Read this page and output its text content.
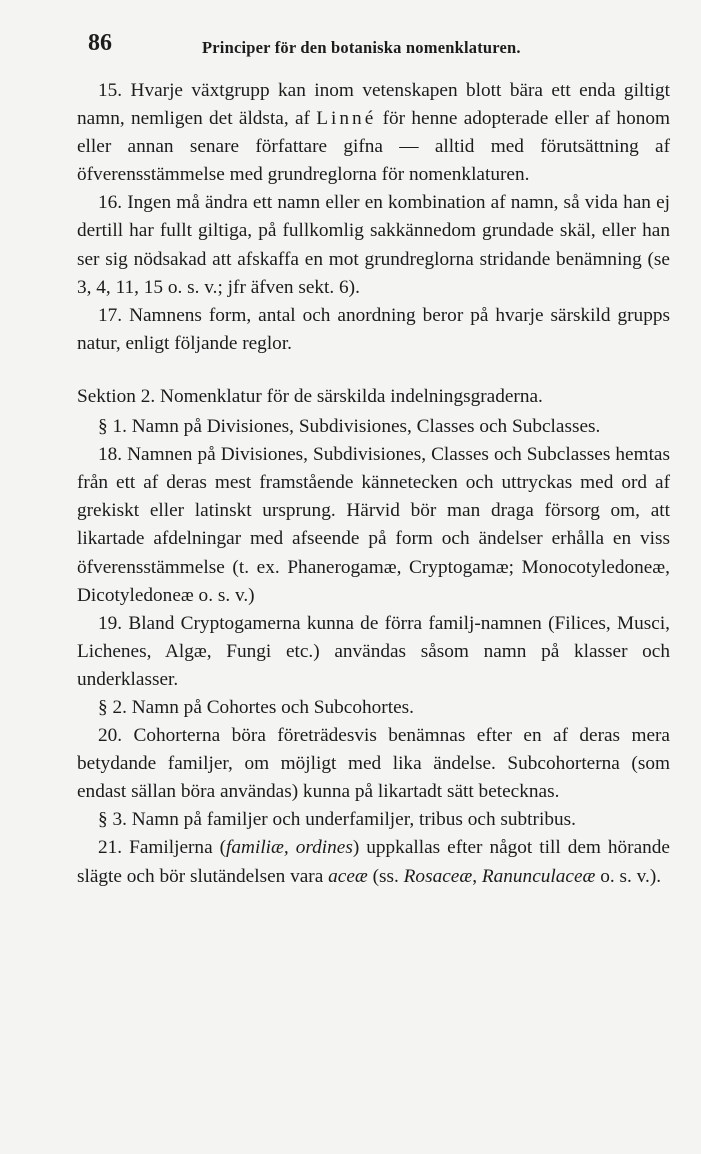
86	Principer för den botaniska nomenklaturen.

15. Hvarje växtgrupp kan inom vetenskapen blott bära ett enda giltigt namn, nemligen det äldsta, af Linné för henne adopterade eller af honom eller annan senare författare gifna — alltid med förutsättning af öfverensstämmelse med grundreglorna för nomenklaturen.

16. Ingen må ändra ett namn eller en kombination af namn, så vida han ej dertill har fullt giltiga, på fullkomlig sakkännedom grundade skäl, eller han ser sig nödsakad att afskaffa en mot grundreglorna stridande benämning (se 3, 4, 11, 15 o. s. v.; jfr äfven sekt. 6).

17. Namnens form, antal och anordning beror på hvarje särskild grupps natur, enligt följande reglor.

Sektion 2. Nomenklatur för de särskilda indelningsgraderna.

§ 1. Namn på Divisiones, Subdivisiones, Classes och Subclasses.

18. Namnen på Divisiones, Subdivisiones, Classes och Subclasses hemtas från ett af deras mest framstående kännetecken och uttryckas med ord af grekiskt eller latinskt ursprung. Härvid bör man draga försorg om, att likartade afdelningar med afseende på form och ändelser erhålla en viss öfverensstämmelse (t. ex. Phanerogamæ, Cryptogamæ; Monocotyledoneæ, Dicotyledoneæ o. s. v.)

19. Bland Cryptogamerna kunna de förra familj-namnen (Filices, Musci, Lichenes, Algæ, Fungi etc.) användas såsom namn på klasser och underklasser.

§ 2. Namn på Cohortes och Subcohortes.

20. Cohorterna böra företrädesvis benämnas efter en af deras mera betydande familjer, om möjligt med lika ändelse. Subcohorterna (som endast sällan böra användas) kunna på likartadt sätt betecknas.

§ 3. Namn på familjer och underfamiljer, tribus och subtribus.

21. Familjerna (familiæ, ordines) uppkallas efter något till dem hörande slägte och bör slutändelsen vara aceæ (ss. Rosaceæ, Ranunculaceæ o. s. v.).
